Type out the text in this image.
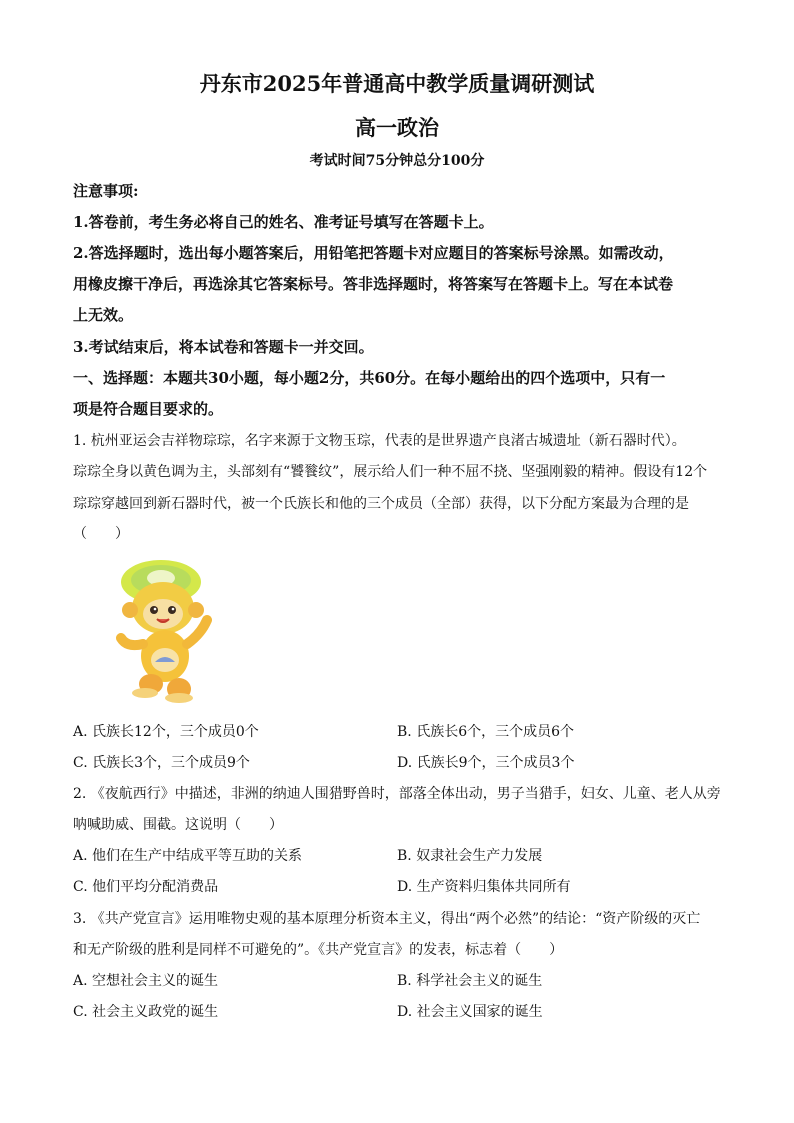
丹东市2025年普通高中教学质量调研测试
高一政治
考试时间75分钟总分100分
注意事项:
1.答卷前，考生务必将自己的姓名、准考证号填写在答题卡上。
2.答选择题时，选出每小题答案后，用铅笔把答题卡对应题目的答案标号涂黑。如需改动，
用橡皮擦干净后，再选涂其它答案标号。答非选择题时，将答案写在答题卡上。写在本试卷
上无效。
3.考试结束后，将本试卷和答题卡一并交回。
一、选择题：本题共30小题，每小题2分，共60分。在每小题给出的四个选项中，只有一
项是符合题目要求的。
1. 杭州亚运会吉祥物琮琮，名字来源于文物玉琮，代表的是世界遗产良渚古城遗址（新石器时代）。
琮琮全身以黄色调为主，头部刻有“饕餮纹”，展示给人们一种不屈不挠、坚强刚毅的精神。假设有12个
琮琮穿越回到新石器时代，被一个氏族长和他的三个成员（全部）获得，以下分配方案最为合理的是
（　　）
A. 氏族长12个，三个成员0个	B. 氏族长6个，三个成员6个
C. 氏族长3个，三个成员9个	D. 氏族长9个，三个成员3个
2. 《夜航西行》中描述，非洲的纳迪人围猎野兽时，部落全体出动，男子当猎手，妇女、儿童、老人从旁
呐喊助威、围截。这说明（　　）
A. 他们在生产中结成平等互助的关系	B. 奴隶社会生产力发展
C. 他们平均分配消费品	D. 生产资料归集体共同所有
3. 《共产党宣言》运用唯物史观的基本原理分析资本主义，得出“两个必然”的结论：“资产阶级的灭亡
和无产阶级的胜利是同样不可避免的”。《共产党宣言》的发表，标志着（　　）
A. 空想社会主义的诞生	B. 科学社会主义的诞生
C. 社会主义政党的诞生	D. 社会主义国家的诞生
